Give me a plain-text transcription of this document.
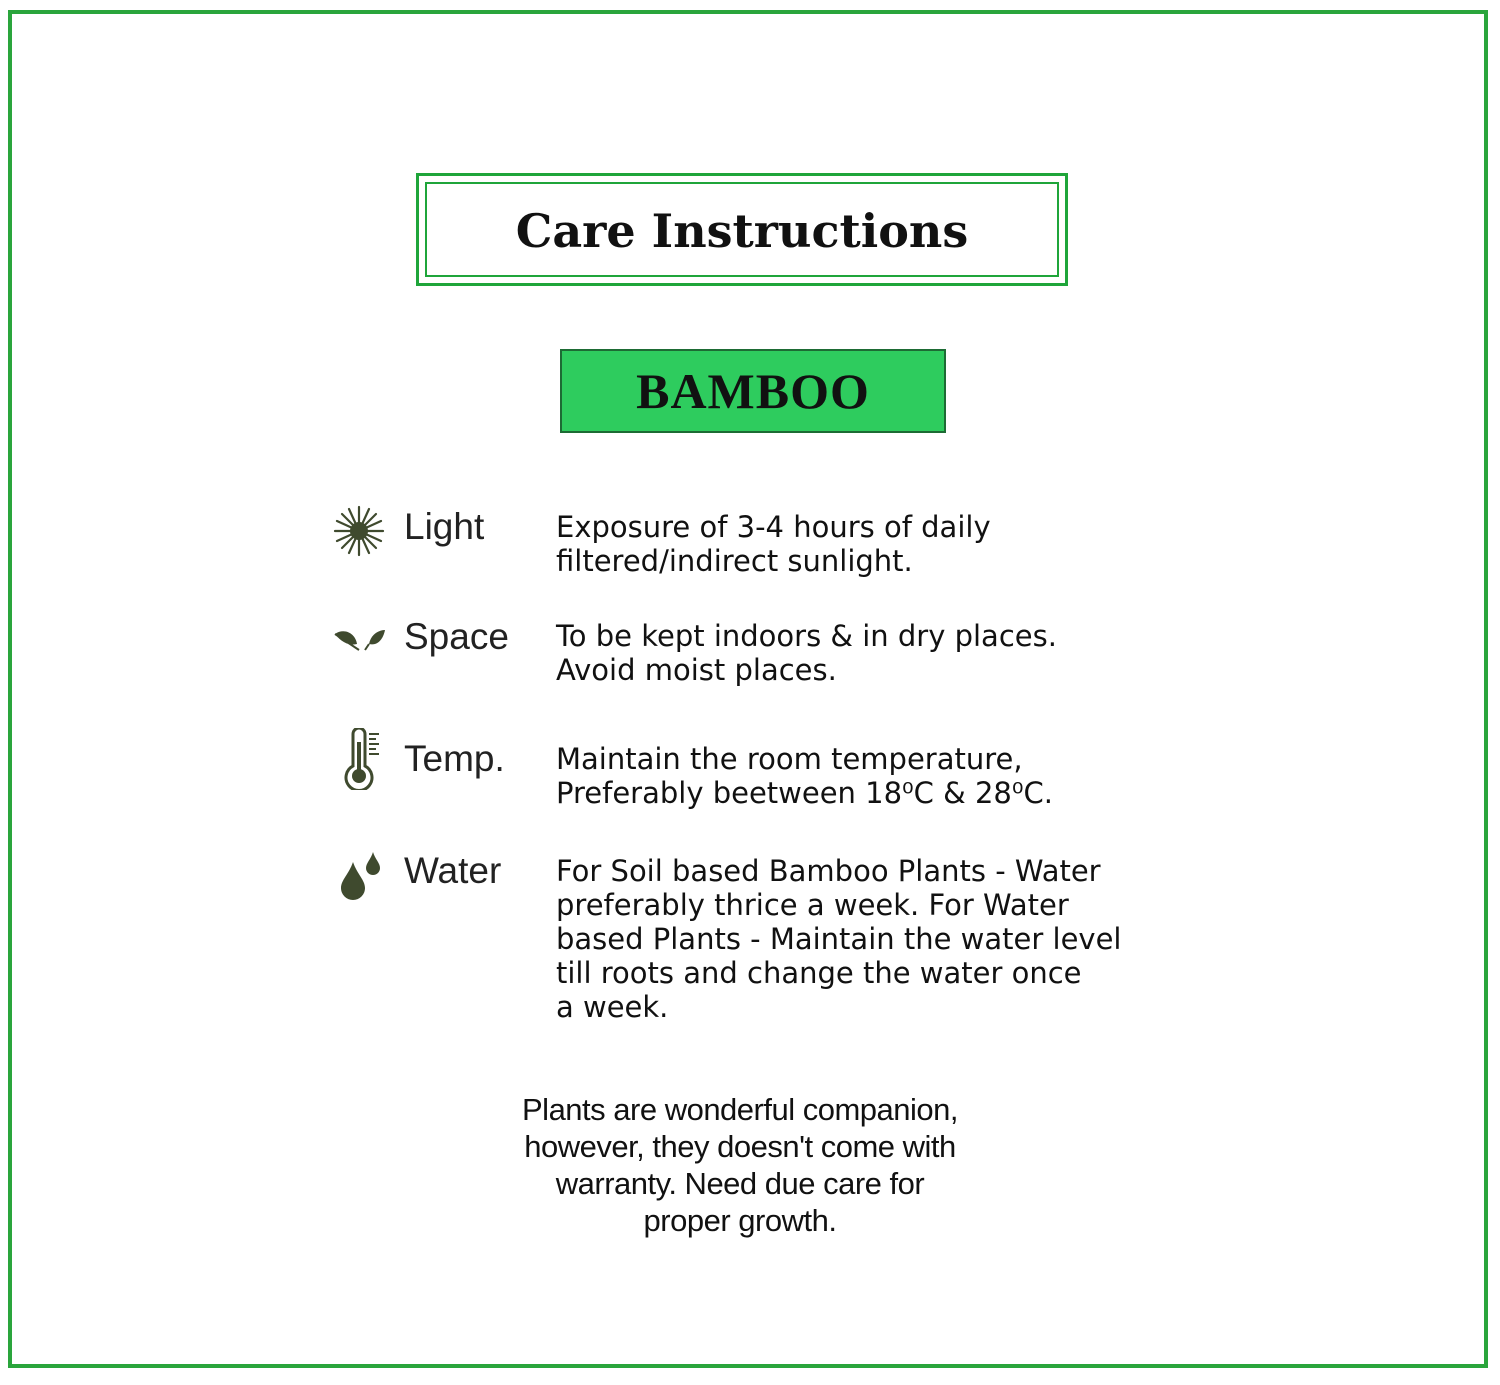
Care Instructions
BAMBOO
Light Exposure of 3-4 hours of daily
filtered/indirect sunlight.
Space To be kept indoors & in dry places.
Avoid moist places.
Temp. Maintain the room temperature,
Preferably beetween 18⁰C & 28⁰C.
Water For Soil based Bamboo Plants - Water
preferably thrice a week. For Water
based Plants - Maintain the water level
till roots and change the water once
a week.
Plants are wonderful companion,
however, they doesn't come with
warranty. Need due care for
proper growth.
